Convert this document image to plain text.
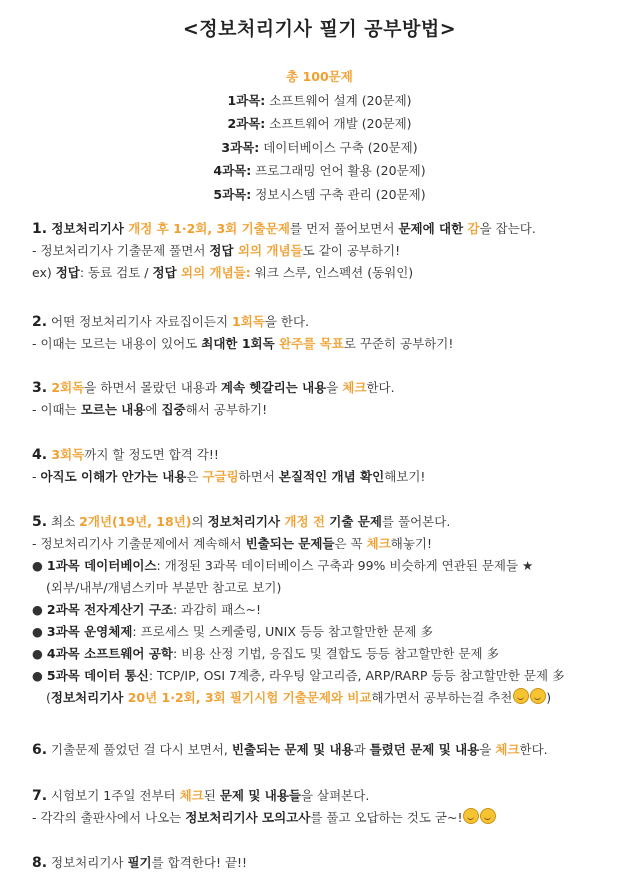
<정보처리기사 필기 공부방법>
총 100문제
1과목: 소프트웨어 설계 (20문제)
2과목: 소프트웨어 개발 (20문제)
3과목: 데이터베이스 구축 (20문제)
4과목: 프로그래밍 언어 활용 (20문제)
5과목: 정보시스템 구축 관리 (20문제)
1. 정보처리기사 개정 후 1·2회, 3회 기출문제를 먼저 풀어보면서 문제에 대한 감을 잡는다.
- 정보처리기사 기출문제 풀면서 정답 외의 개념들도 같이 공부하기!
ex) 정답: 동료 검토 / 정답 외의 개념들: 워크 스루, 인스펙션 (동워인)
2. 어떤 정보처리기사 자료집이든지 1회독을 한다.
- 이때는 모르는 내용이 있어도 최대한 1회독 완주를 목표로 꾸준히 공부하기!
3. 2회독을 하면서 몰랐던 내용과 계속 헷갈리는 내용을 체크한다.
- 이때는 모르는 내용에 집중해서 공부하기!
4. 3회독까지 할 정도면 합격 각!!
- 아직도 이해가 안가는 내용은 구글링하면서 본질적인 개념 확인해보기!
5. 최소 2개년(19년, 18년)의 정보처리기사 개정 전 기출 문제를 풀어본다.
- 정보처리기사 기출문제에서 계속해서 빈출되는 문제들은 꼭 체크해놓기!
● 1과목 데이터베이스: 개정된 3과목 데이터베이스 구축과 99% 비슷하게 연관된 문제들 ★
(외부/내부/개념스키마 부분만 참고로 보기)
● 2과목 전자계산기 구조: 과감히 패스~!
● 3과목 운영체제: 프로세스 및 스케줄링, UNIX 등등 참고할만한 문제 多
● 4과목 소프트웨어 공학: 비용 산정 기법, 응집도 및 결합도 등등 참고할만한 문제 多
● 5과목 데이터 통신: TCP/IP, OSI 7계층, 라우팅 알고리즘, ARP/RARP 등등 참고할만한 문제 多
(정보처리기사 20년 1·2회, 3회 필기시험 기출문제와 비교해가면서 공부하는걸 추천	)
6. 기출문제 풀었던 걸 다시 보면서, 빈출되는 문제 및 내용과 틀렸던 문제 및 내용을 체크한다.
7. 시험보기 1주일 전부터 체크된 문제 및 내용들을 살펴본다.
- 각각의 출판사에서 나오는 정보처리기사 모의고사를 풀고 오답하는 것도 굳~!
8. 정보처리기사 필기를 합격한다! 끝!!
